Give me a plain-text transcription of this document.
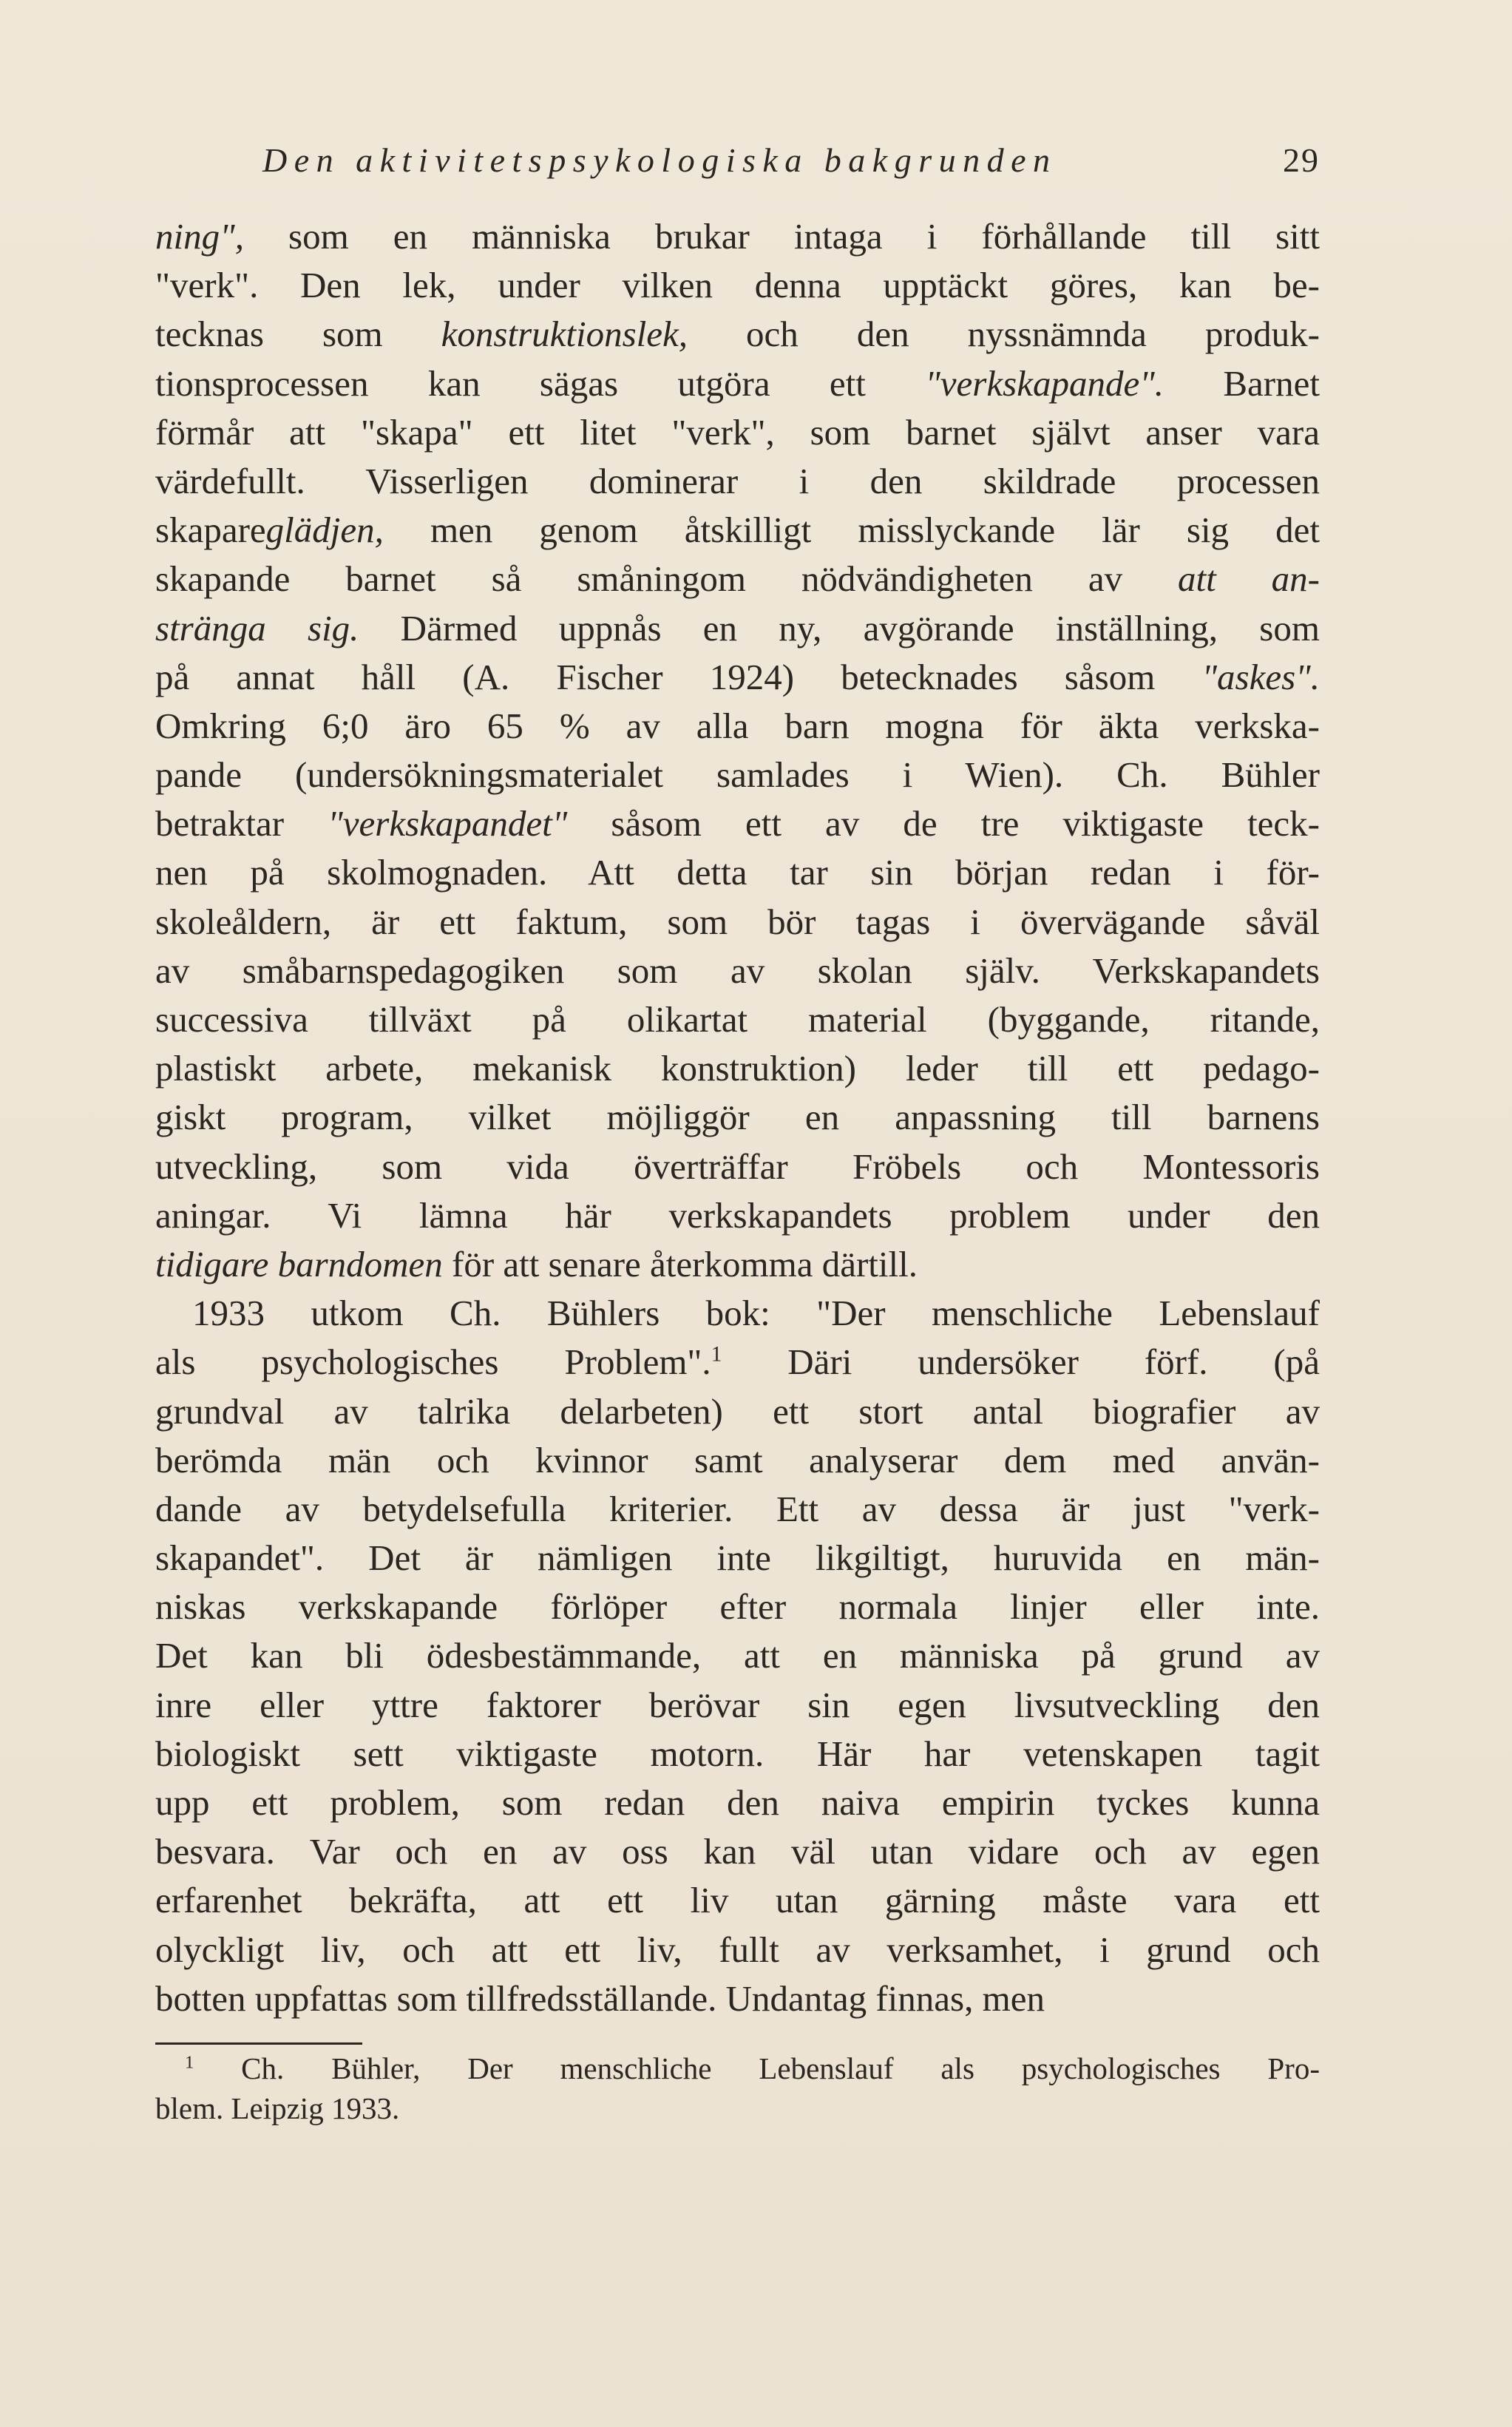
Den aktivitetspsykologiska bakgrunden	29
ning", som en människa brukar intaga i förhållande till sitt
"verk". Den lek, under vilken denna upptäckt göres, kan be-
tecknas som konstruktionslek, och den nyssnämnda produk-
tionsprocessen kan sägas utgöra ett "verkskapande". Barnet
förmår att "skapa" ett litet "verk", som barnet självt anser vara
värdefullt. Visserligen dominerar i den skildrade processen
skapareglädjen, men genom åtskilligt misslyckande lär sig det
skapande barnet så småningom nödvändigheten av att an-
stränga sig. Därmed uppnås en ny, avgörande inställning, som
på annat håll (A. Fischer 1924) betecknades såsom "askes".
Omkring 6;0 äro 65 % av alla barn mogna för äkta verkska-
pande (undersökningsmaterialet samlades i Wien). Ch. Bühler
betraktar "verkskapandet" såsom ett av de tre viktigaste teck-
nen på skolmognaden. Att detta tar sin början redan i för-
skoleåldern, är ett faktum, som bör tagas i övervägande såväl
av småbarnspedagogiken som av skolan själv. Verkskapandets
successiva tillväxt på olikartat material (byggande, ritande,
plastiskt arbete, mekanisk konstruktion) leder till ett pedago-
giskt program, vilket möjliggör en anpassning till barnens
utveckling, som vida överträffar Fröbels och Montessoris
aningar. Vi lämna här verkskapandets problem under den
tidigare barndomen för att senare återkomma därtill.
1933 utkom Ch. Bühlers bok: "Der menschliche Lebenslauf
als psychologisches Problem".$^1$ Däri undersöker förf. (på
grundval av talrika delarbeten) ett stort antal biografier av
berömda män och kvinnor samt analyserar dem med använ-
dande av betydelsefulla kriterier. Ett av dessa är just "verk-
skapandet". Det är nämligen inte likgiltigt, huruvida en män-
niskas verkskapande förlöper efter normala linjer eller inte.
Det kan bli ödesbestämmande, att en människa på grund av
inre eller yttre faktorer berövar sin egen livsutveckling den
biologiskt sett viktigaste motorn. Här har vetenskapen tagit
upp ett problem, som redan den naiva empirin tyckes kunna
besvara. Var och en av oss kan väl utan vidare och av egen
erfarenhet bekräfta, att ett liv utan gärning måste vara ett
olyckligt liv, och att ett liv, fullt av verksamhet, i grund och
botten uppfattas som tillfredsställande. Undantag finnas, men
$^1$ Ch. Bühler, Der menschliche Lebenslauf als psychologisches Pro-
blem. Leipzig 1933.
